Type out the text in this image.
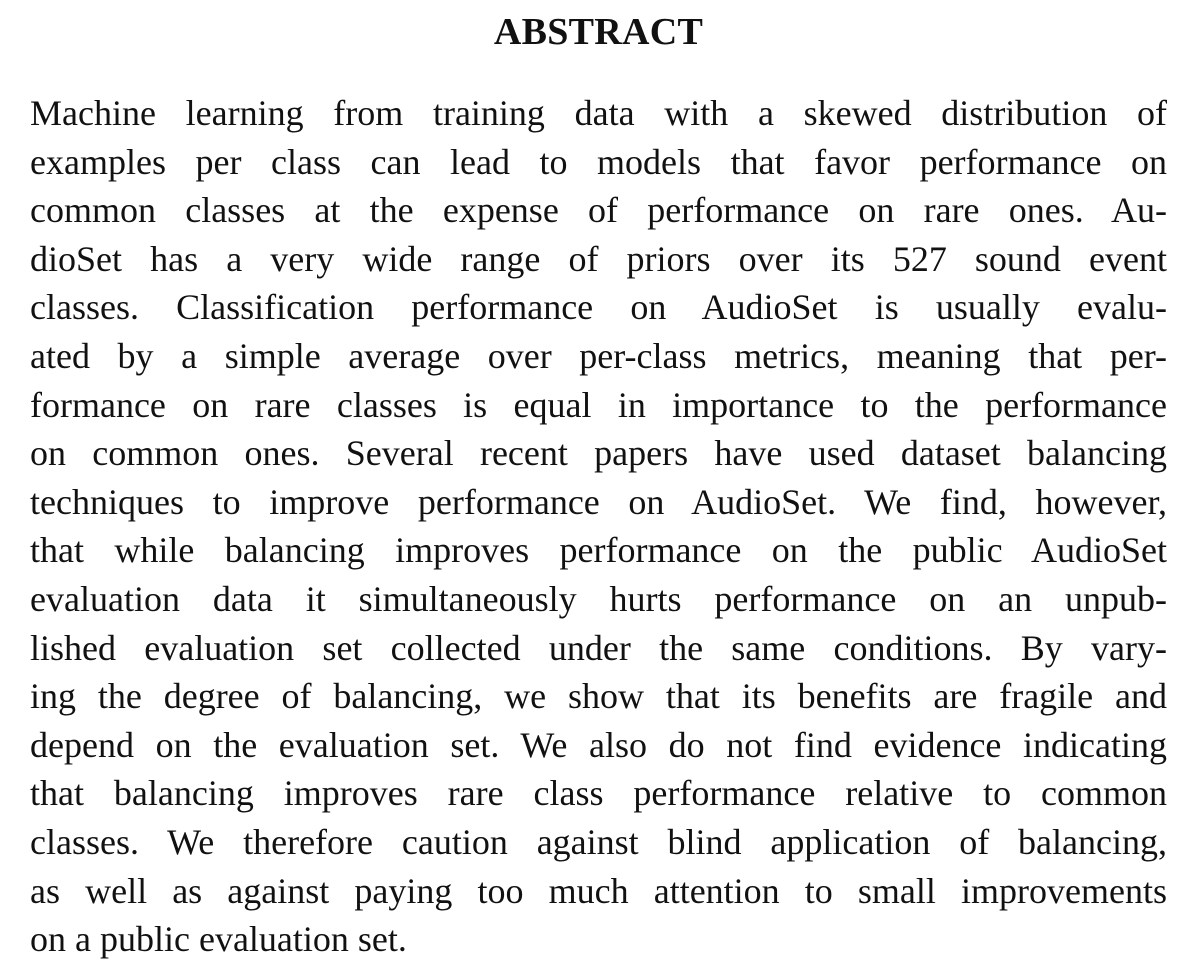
ABSTRACT
Machine learning from training data with a skewed distribution of
examples per class can lead to models that favor performance on
common classes at the expense of performance on rare ones. Au-
dioSet has a very wide range of priors over its 527 sound event
classes. Classification performance on AudioSet is usually evalu-
ated by a simple average over per-class metrics, meaning that per-
formance on rare classes is equal in importance to the performance
on common ones. Several recent papers have used dataset balancing
techniques to improve performance on AudioSet. We find, however,
that while balancing improves performance on the public AudioSet
evaluation data it simultaneously hurts performance on an unpub-
lished evaluation set collected under the same conditions. By vary-
ing the degree of balancing, we show that its benefits are fragile and
depend on the evaluation set. We also do not find evidence indicating
that balancing improves rare class performance relative to common
classes. We therefore caution against blind application of balancing,
as well as against paying too much attention to small improvements
on a public evaluation set.
